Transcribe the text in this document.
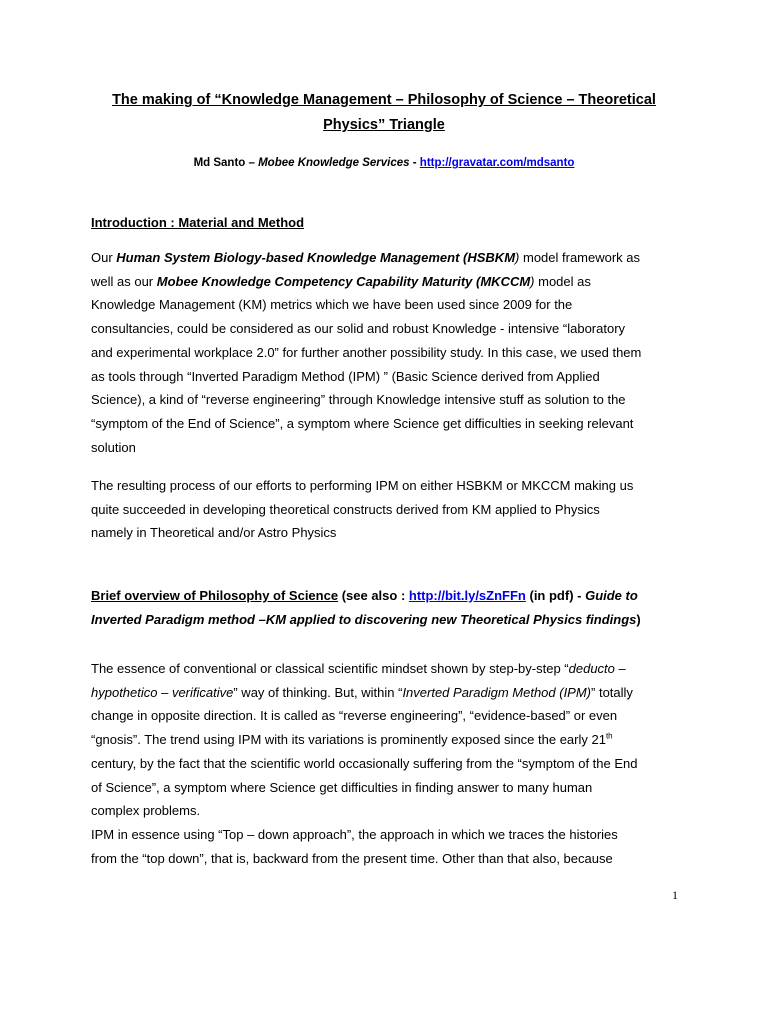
The making of “Knowledge Management – Philosophy of Science – Theoretical
Physics” Triangle
Md Santo – Mobee Knowledge Services - http://gravatar.com/mdsanto
Introduction : Material and Method
Our Human System Biology-based Knowledge Management (HSBKM) model framework as
well as our Mobee Knowledge Competency Capability Maturity (MKCCM) model as
Knowledge Management (KM) metrics which we have been used since 2009 for the
consultancies, could be considered as our solid and robust Knowledge - intensive “laboratory
and experimental workplace 2.0” for further another possibility study. In this case, we used them
as tools through “Inverted Paradigm Method (IPM) ” (Basic Science derived from Applied
Science), a kind of “reverse engineering” through Knowledge intensive stuff as solution to the
“symptom of the End of Science”, a symptom where Science get difficulties in seeking relevant
solution
The resulting process of our efforts to performing IPM on either HSBKM or MKCCM making us
quite succeeded in developing theoretical constructs derived from KM applied to Physics
namely in Theoretical and/or Astro Physics
Brief overview of Philosophy of Science (see also : http://bit.ly/sZnFFn (in pdf) - Guide to
Inverted Paradigm method –KM applied to discovering new Theoretical Physics findings)
The essence of conventional or classical scientific mindset shown by step-by-step “deducto –
hypothetico – verificative” way of thinking. But, within “Inverted Paradigm Method (IPM)” totally
change in opposite direction. It is called as “reverse engineering”, “evidence-based” or even
“gnosis”. The trend using IPM with its variations is prominently exposed since the early 21th
century, by the fact that the scientific world occasionally suffering from the “symptom of the End
of Science”, a symptom where Science get difficulties in finding answer to many human
complex problems.
IPM in essence using “Top – down approach”, the approach in which we traces the histories
from the “top down”, that is, backward from the present time. Other than that also, because
1
